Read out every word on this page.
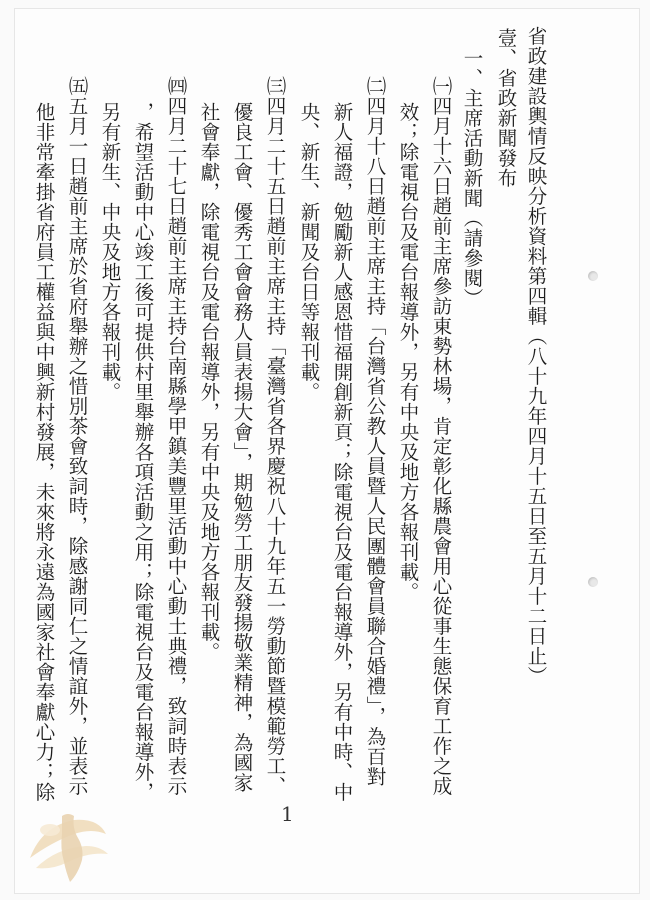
省政建設輿情反映分析資料第四輯（八十九年四月十五日至五月十二日止）
壹、省政新聞發布
一、主席活動新聞（請參閱）
㈠四月十六日趙前主席參訪東勢林場，肯定彰化縣農會用心從事生態保育工作之成
效；除電視台及電台報導外，另有中央及地方各報刊載。
㈡四月十八日趙前主席主持「台灣省公教人員暨人民團體會員聯合婚禮」，為百對
新人福證，勉勵新人感恩惜福開創新頁；除電視台及電台報導外，另有中時、中
央、新生、新聞及台日等報刊載。
㈢四月二十五日趙前主席主持「臺灣省各界慶祝八十九年五一勞動節暨模範勞工、
優良工會、優秀工會會務人員表揚大會」，期勉勞工朋友發揚敬業精神，為國家
社會奉獻，除電視台及電台報導外，另有中央及地方各報刊載。
㈣四月二十七日趙前主席主持台南縣學甲鎮美豐里活動中心動土典禮，致詞時表示
，希望活動中心竣工後可提供村里舉辦各項活動之用；除電視台及電台報導外，
另有新生、中央及地方各報刊載。
㈤五月一日趙前主席於省府舉辦之惜別茶會致詞時，除感謝同仁之情誼外，並表示
他非常牽掛省府員工權益與中興新村發展，未來將永遠為國家社會奉獻心力；除
1
